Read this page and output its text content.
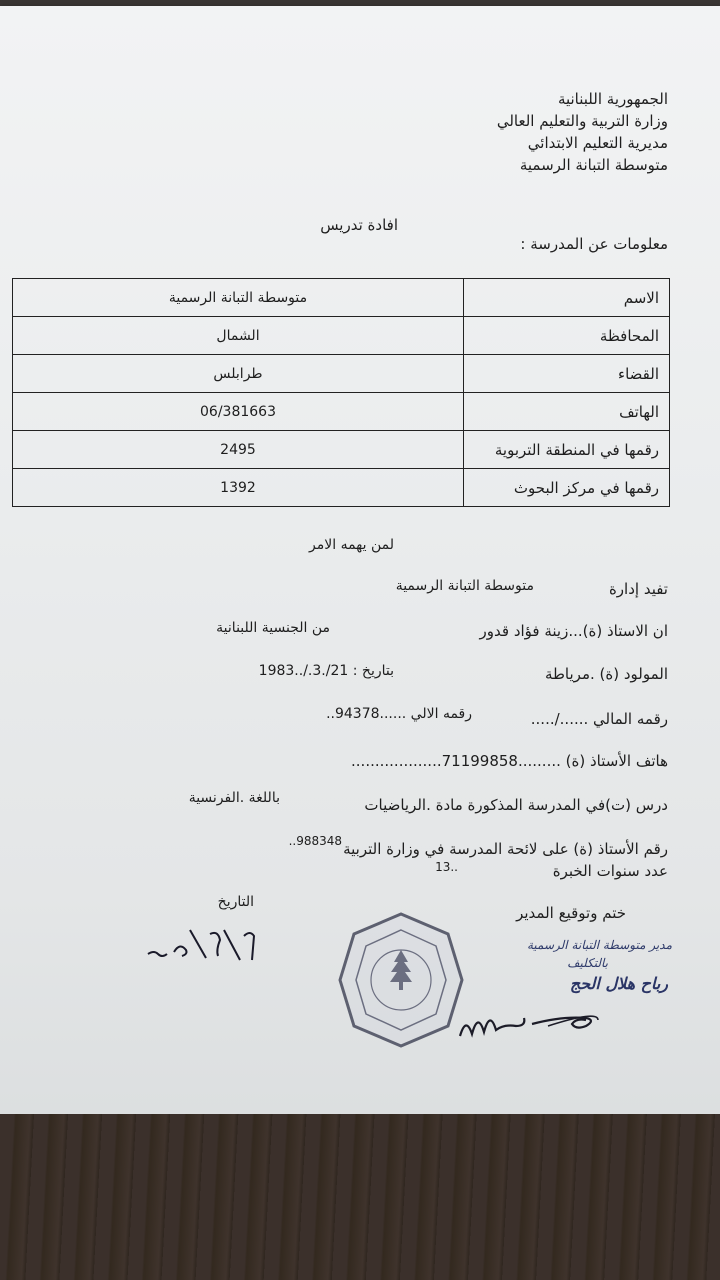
الجمهورية اللبنانية
وزارة التربية والتعليم العالي
مديرية التعليم الابتدائي
متوسطة التبانة الرسمية
افادة تدريس
معلومات عن المدرسة :
الاسم	متوسطة التبانة الرسمية
المحافظة	الشمال
القضاء	طرابلس
الهاتف	06/381663
رقمها في المنطقة التربوية	2495
رقمها في مركز البحوث	1392
لمن يهمه الامر
تفيد إدارة
متوسطة التبانة الرسمية
ان الاستاذ (ة)...زينة فؤاد قدور
من الجنسية اللبنانية
المولود (ة) .مرياطة
بتاريخ : 21/.3./..1983
رقمه المالي ....../.....
رقمه الالي ......94378..
هاتف الأستاذ (ة) .........71199858...................
درس (ت)في المدرسة المذكورة مادة .الرياضيات
باللغة .الفرنسية
رقم الأستاذ (ة) على لائحة المدرسة في وزارة التربية
..988348
عدد سنوات الخبرة
13..
ختم وتوقيع المدير
التاريخ
مدير متوسطة التبانة الرسمية
بالتكليف
رباح هلال الحج
